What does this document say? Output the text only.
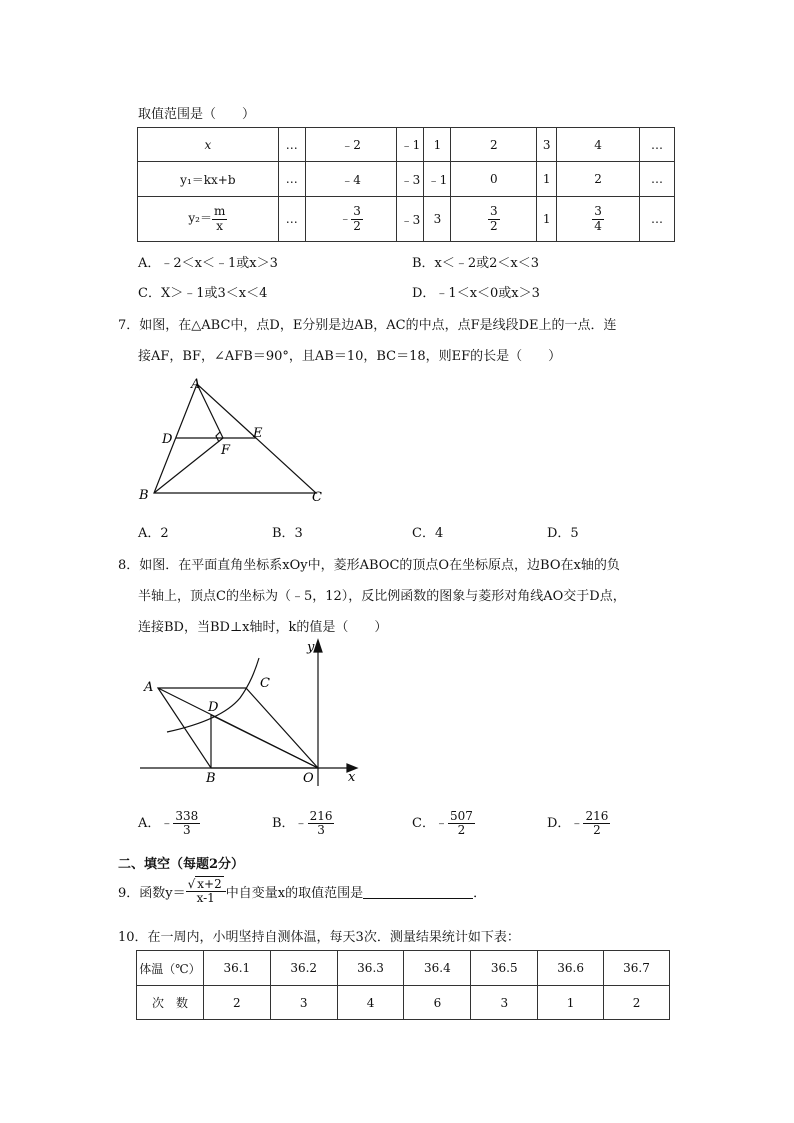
取值范围是（　　）
x	…	﹣2	﹣1	1	2	3	4	…
y₁＝kx+b	…	﹣4	﹣3	﹣1	0	1	2	…
$y_2= \frac{m}{x}$	…	﹣ $\frac{3}{2}$	﹣3	3	$\frac{3}{2}$	1	$\frac{3}{4}$	…
A．﹣2＜x＜﹣1或x＞3	B．x＜﹣2或2＜x＜3
C．X＞﹣1或3＜x＜4	D．﹣1＜x＜0或x＞3
7．如图，在△ABC中，点D，E分别是边AB，AC的中点，点F是线段DE上的一点．连
接AF，BF，∠AFB＝90°，且AB＝10，BC＝18，则EF的长是（　　）
A
D	E
F
B	C
A．2	B．3	C．4	D．5
8．如图．在平面直角坐标系xOy中，菱形ABOC的顶点O在坐标原点，边BO在x轴的负
半轴上，顶点C的坐标为（﹣5，12），反比例函数的图象与菱形对角线AO交于D点，
连接BD，当BD⊥x轴时，k的值是（　　）
y
x
A	C
D
B	O
A．﹣ $\frac{338}{3}$	B．﹣ $\frac{216}{3}$	C．﹣ $\frac{507}{2}$	D．﹣ $\frac{216}{2}$
二、填空（每题2分）
9．函数$y= \frac{√ x+2}{x-1}$ 中自变量x的取值范围是	．
10．在一周内，小明坚持自测体温，每天3次．测量结果统计如下表：
体温（℃）	36.1	36.2	36.3	36.4	36.5	36.6	36.7
次　数	2	3	4	6	3	1	2
